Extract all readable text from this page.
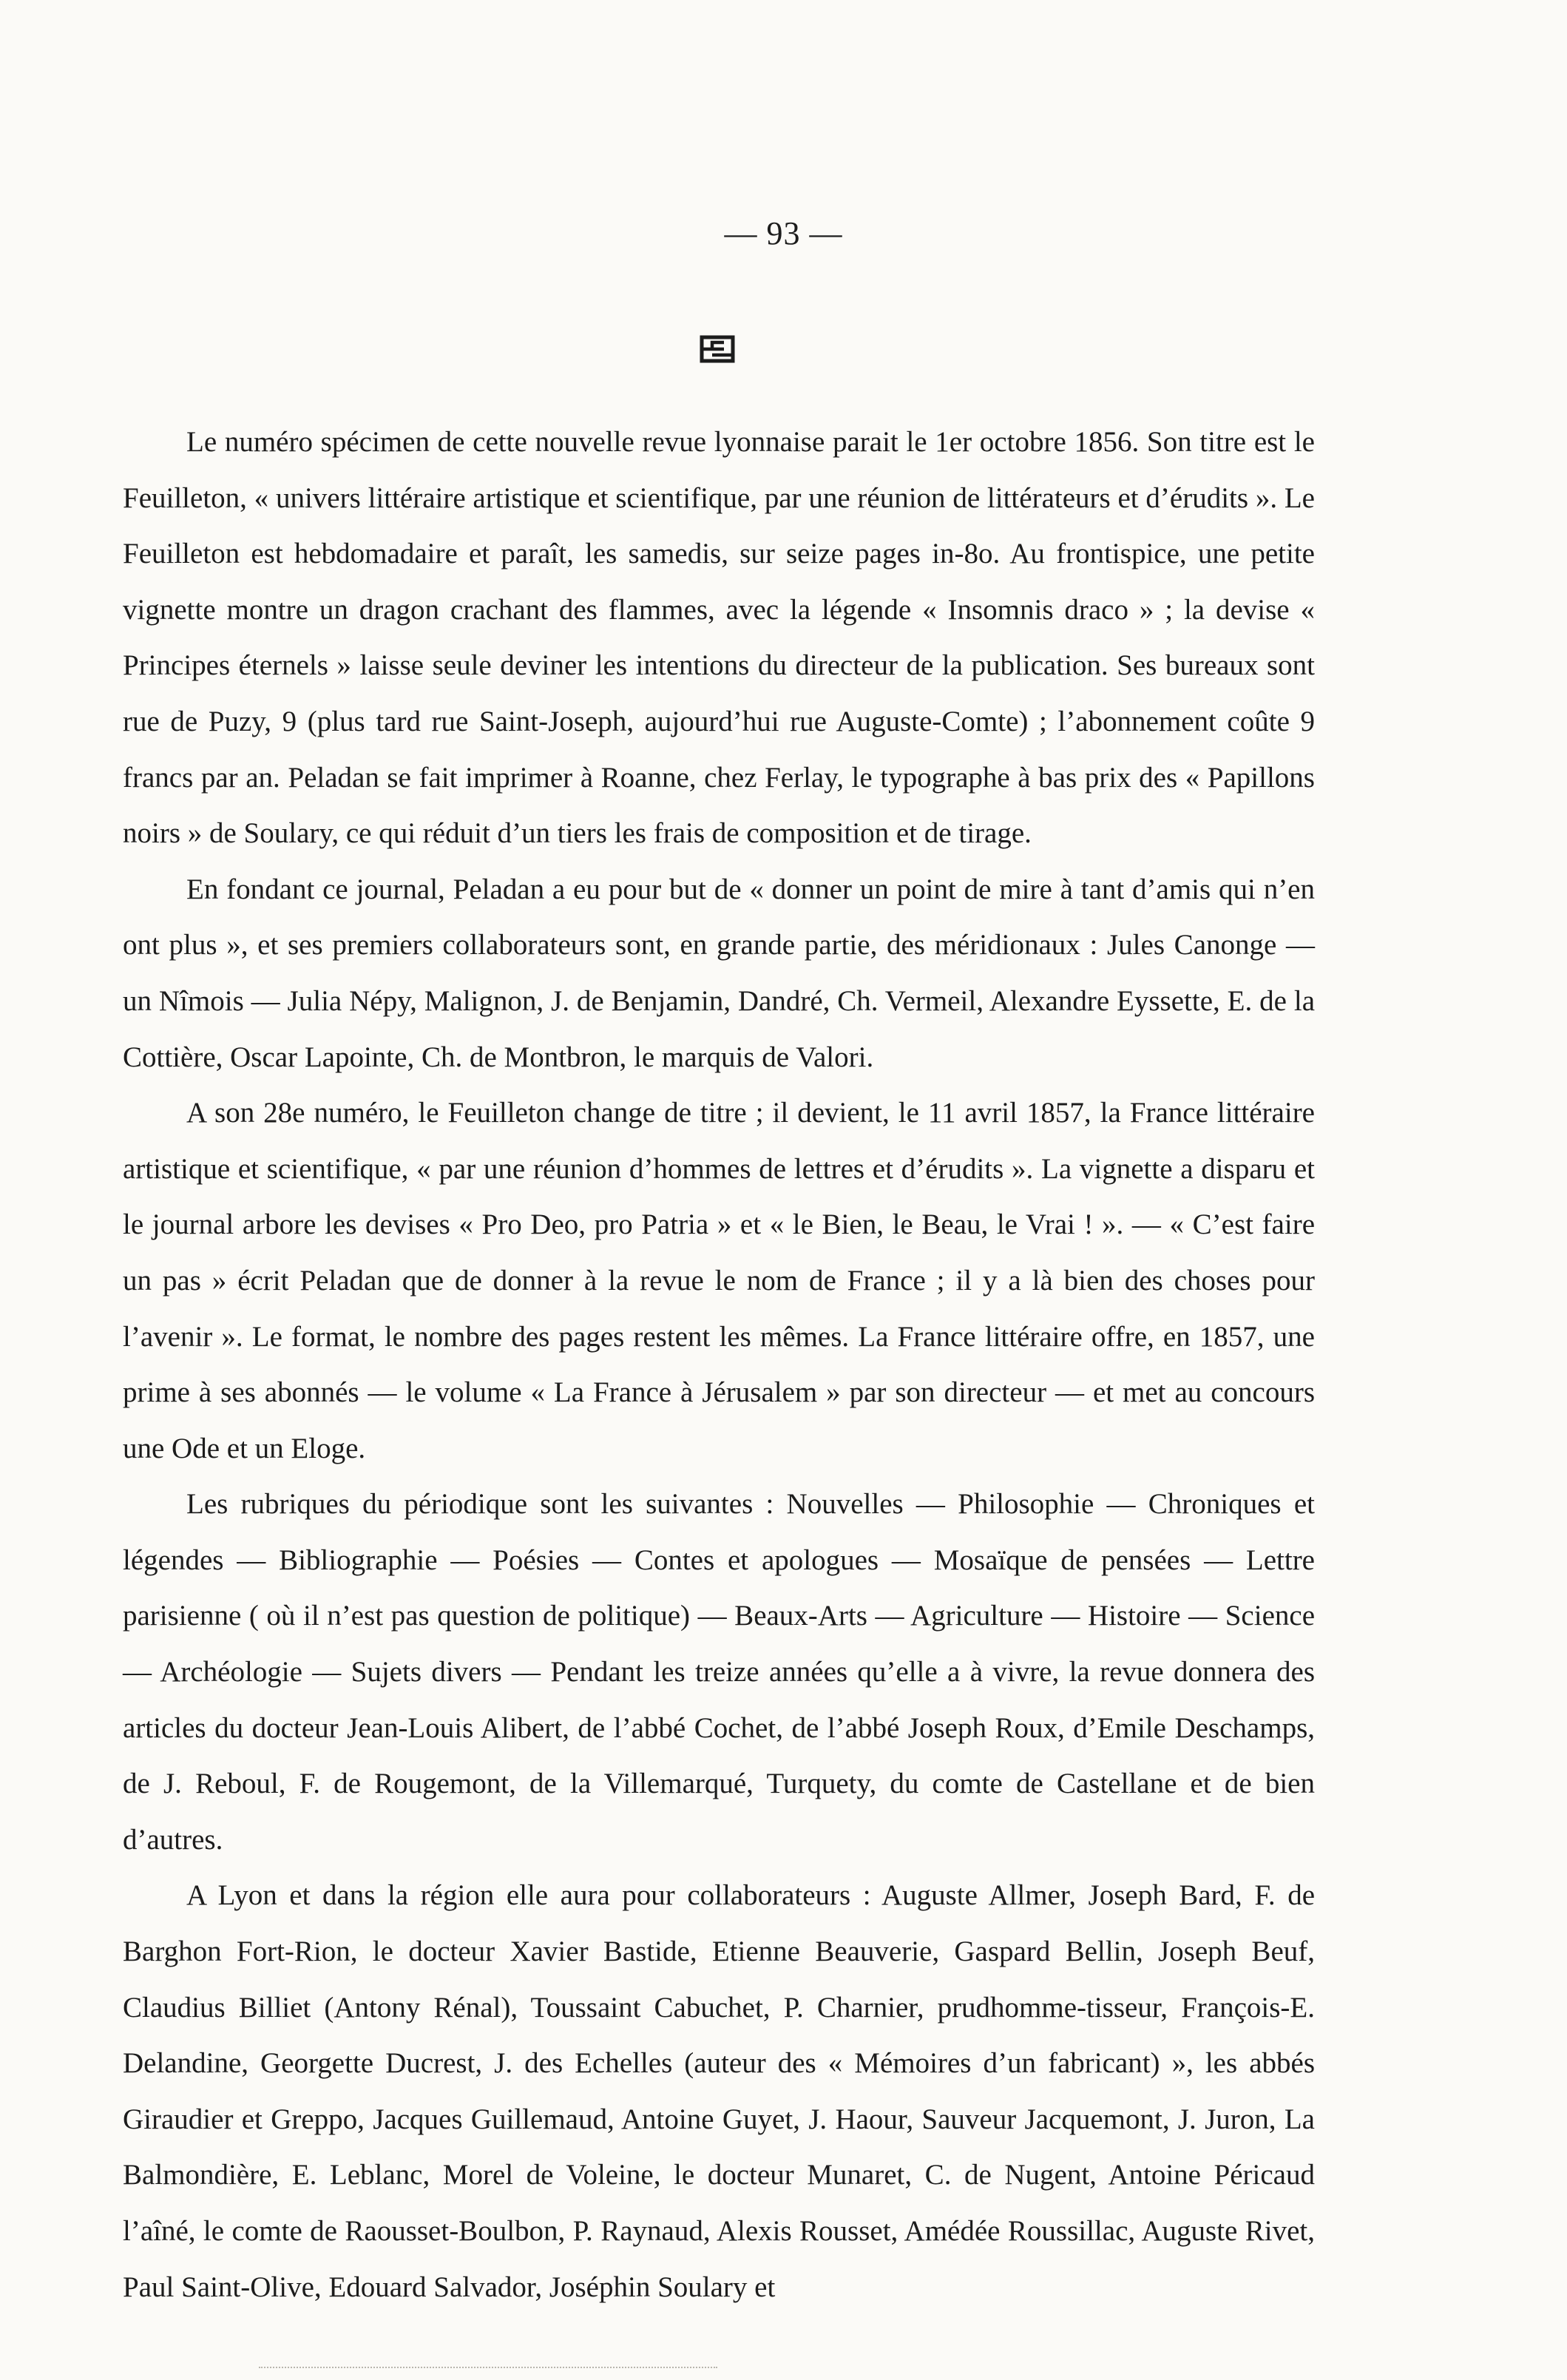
— 93 —

Le numéro spécimen de cette nouvelle revue lyonnaise parait le 1er octobre 1856. Son titre est le Feuilleton, « univers littéraire artistique et scientifique, par une réunion de littérateurs et d’érudits ». Le Feuilleton est hebdomadaire et paraît, les samedis, sur seize pages in-8o. Au frontispice, une petite vignette montre un dragon crachant des flammes, avec la légende « Insomnis draco » ; la devise « Principes éternels » laisse seule deviner les intentions du directeur de la publication. Ses bureaux sont rue de Puzy, 9 (plus tard rue Saint-Joseph, aujourd’hui rue Auguste-Comte) ; l’abonnement coûte 9 francs par an. Peladan se fait imprimer à Roanne, chez Ferlay, le typographe à bas prix des « Papillons noirs » de Soulary, ce qui réduit d’un tiers les frais de composition et de tirage.

En fondant ce journal, Peladan a eu pour but de « donner un point de mire à tant d’amis qui n’en ont plus », et ses premiers collaborateurs sont, en grande partie, des méridionaux : Jules Canonge — un Nîmois — Julia Népy, Malignon, J. de Benjamin, Dandré, Ch. Vermeil, Alexandre Eyssette, E. de la Cottière, Oscar Lapointe, Ch. de Montbron, le marquis de Valori.

A son 28e numéro, le Feuilleton change de titre ; il devient, le 11 avril 1857, la France littéraire artistique et scientifique, « par une réunion d’hommes de lettres et d’érudits ». La vignette a disparu et le journal arbore les devises « Pro Deo, pro Patria » et « le Bien, le Beau, le Vrai ! ». — « C’est faire un pas » écrit Peladan que de donner à la revue le nom de France ; il y a là bien des choses pour l’avenir ». Le format, le nombre des pages restent les mêmes. La France littéraire offre, en 1857, une prime à ses abonnés — le volume « La France à Jérusalem » par son directeur — et met au concours une Ode et un Eloge.

Les rubriques du périodique sont les suivantes : Nouvelles — Philosophie — Chroniques et légendes — Bibliographie — Poésies — Contes et apologues — Mosaïque de pensées — Lettre parisienne ( où il n’est pas question de politique) — Beaux-Arts — Agriculture — Histoire — Science — Archéologie — Sujets divers — Pendant les treize années qu’elle a à vivre, la revue donnera des articles du docteur Jean-Louis Alibert, de l’abbé Cochet, de l’abbé Joseph Roux, d’Emile Deschamps, de J. Reboul, F. de Rougemont, de la Villemarqué, Turquety, du comte de Castellane et de bien d’autres.

A Lyon et dans la région elle aura pour collaborateurs : Auguste Allmer, Joseph Bard, F. de Barghon Fort-Rion, le docteur Xavier Bastide, Etienne Beauverie, Gaspard Bellin, Joseph Beuf, Claudius Billiet (Antony Rénal), Toussaint Cabuchet, P. Charnier, prudhomme-tisseur, François-E. Delandine, Georgette Ducrest, J. des Echelles (auteur des « Mémoires d’un fabricant) », les abbés Giraudier et Greppo, Jacques Guillemaud, Antoine Guyet, J. Haour, Sauveur Jacquemont, J. Juron, La Balmondière, E. Leblanc, Morel de Voleine, le docteur Munaret, C. de Nugent, Antoine Péricaud l’aîné, le comte de Raousset-Boulbon, P. Raynaud, Alexis Rousset, Amédée Roussillac, Auguste Rivet, Paul Saint-Olive, Edouard Salvador, Joséphin Soulary et
